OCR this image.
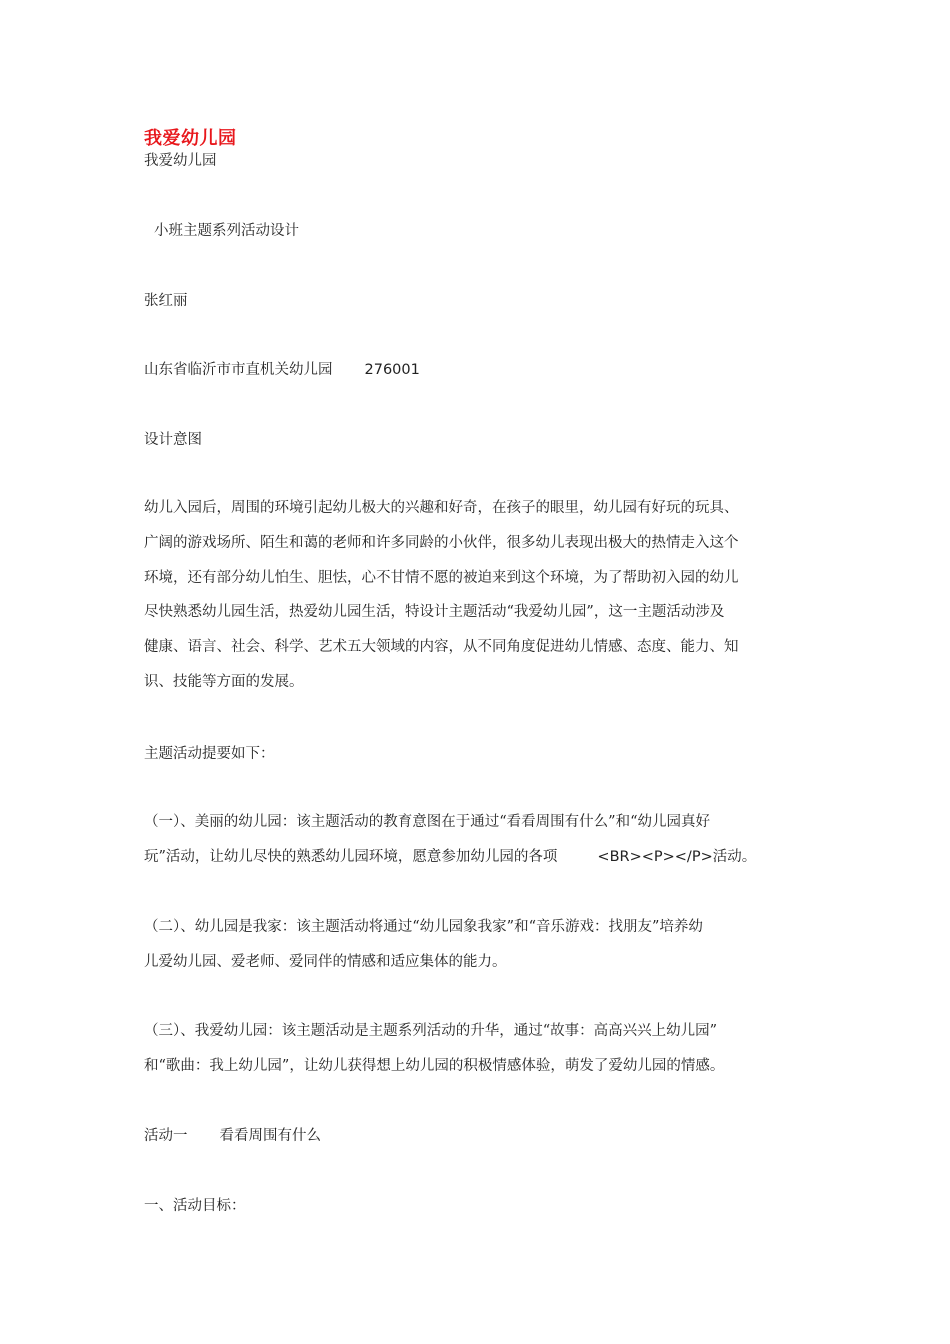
我爱幼儿园

我爱幼儿园

小班主题系列活动设计

张红丽

山东省临沂市市直机关幼儿园 276001

设计意图

幼儿入园后，周围的环境引起幼儿极大的兴趣和好奇，在孩子的眼里，幼儿园有好玩的玩具、
广阔的游戏场所、陌生和蔼的老师和许多同龄的小伙伴，很多幼儿表现出极大的热情走入这个
环境，还有部分幼儿怕生、胆怯，心不甘情不愿的被迫来到这个环境，为了帮助初入园的幼儿
尽快熟悉幼儿园生活，热爱幼儿园生活，特设计主题活动“我爱幼儿园”，这一主题活动涉及
健康、语言、社会、科学、艺术五大领域的内容，从不同角度促进幼儿情感、态度、能力、知
识、技能等方面的发展。

主题活动提要如下：

（一）、美丽的幼儿园：该主题活动的教育意图在于通过“看看周围有什么”和“幼儿园真好
玩”活动，让幼儿尽快的熟悉幼儿园环境，愿意参加幼儿园的各项	<BR><P></P>活动。
（二）、幼儿园是我家：该主题活动将通过“幼儿园象我家”和“音乐游戏：找朋友”培养幼
儿爱幼儿园、爱老师、爱同伴的情感和适应集体的能力。
（三）、我爱幼儿园：该主题活动是主题系列活动的升华，通过“故事：高高兴兴上幼儿园”
和“歌曲：我上幼儿园”，让幼儿获得想上幼儿园的积极情感体验，萌发了爱幼儿园的情感。

活动一 看看周围有什么

一、活动目标：
